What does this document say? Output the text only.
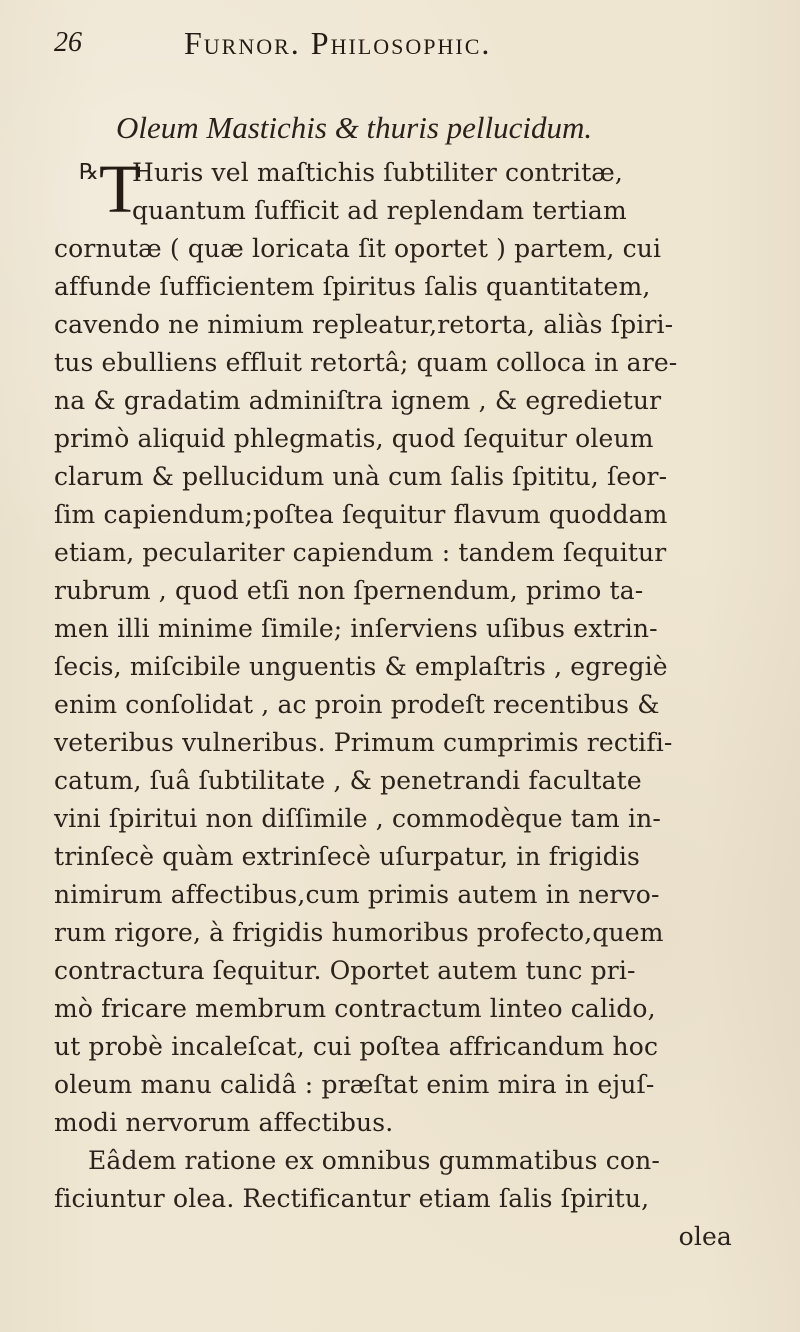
26	Furnor. Philosophic.
Oleum Mastichis & thuris pellucidum.
℞ T
Huris vel maſtichis ſubtiliter contritæ,
quantum ſufficit ad replendam tertiam
cornutæ ( quæ loricata ſit oportet ) partem, cui
affunde ſufficientem ſpiritus ſalis quantitatem,
cavendo ne nimium repleatur,retorta, aliàs ſpiri-
tus ebulliens effluit retortâ; quam colloca in are-
na & gradatim adminiſtra ignem , & egredietur
primò aliquid phlegmatis, quod ſequitur oleum
clarum & pellucidum unà cum ſalis ſpititu, ſeor-
ſim capiendum;poſtea ſequitur flavum quoddam
etiam, peculariter capiendum : tandem ſequitur
rubrum , quod etſi non ſpernendum, primo ta-
men illi minime ſimile; inſerviens uſibus extrin-
ſecis, miſcibile unguentis & emplaſtris , egregiè
enim conſolidat , ac proin prodeſt recentibus &
veteribus vulneribus. Primum cumprimis rectifi-
catum, ſuâ ſubtilitate , & penetrandi facultate
vini ſpiritui non diſſimile , commodèque tam in-
trinſecè quàm extrinſecè uſurpatur, in frigidis
nimirum affectibus,cum primis autem in nervo-
rum rigore, à frigidis humoribus profecto,quem
contractura ſequitur. Oportet autem tunc pri-
mò fricare membrum contractum linteo calido,
ut probè incaleſcat, cui poſtea affricandum hoc
oleum manu calidâ : præſtat enim mira in ejuſ-
modi nervorum affectibus.
Eâdem ratione ex omnibus gummatibus con-
ficiuntur olea. Rectificantur etiam ſalis ſpiritu,
olea
